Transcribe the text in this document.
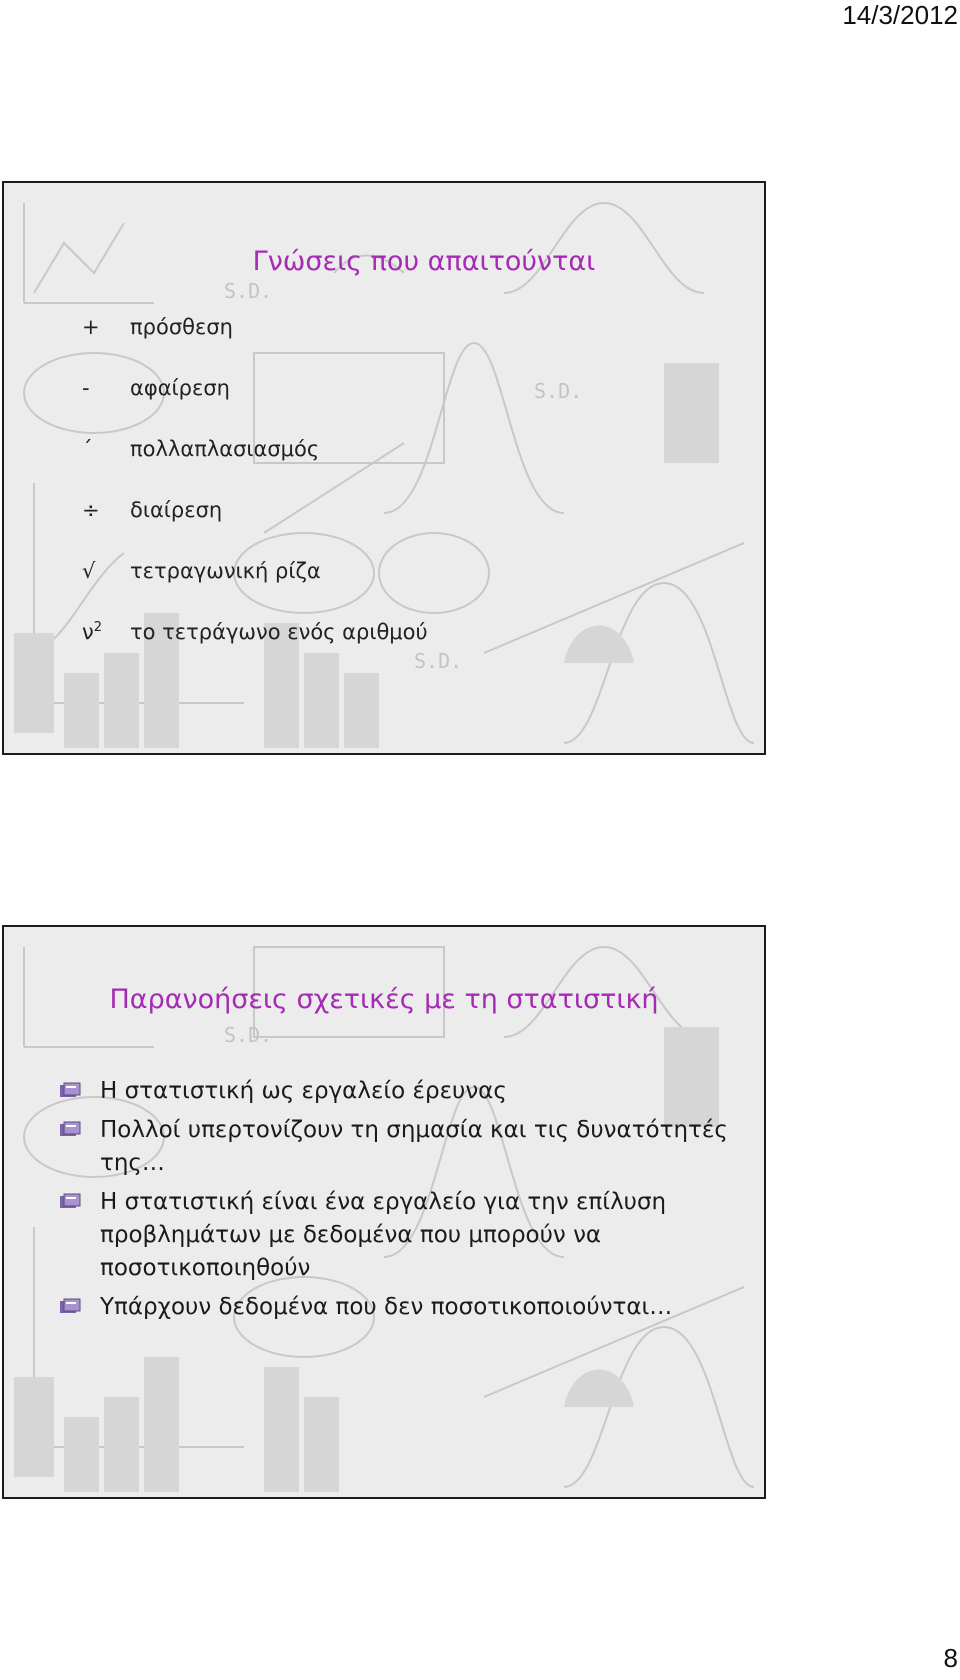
14/3/2012
S.D.
S.D.
S.D.
Γνώσεις που απαιτούνται
+	πρόσθεση
-	αφαίρεση
΄	πολλαπλασιασμός
÷	διαίρεση
√	τετραγωνική ρίζα
$\nu^2$	το τετράγωνο ενός αριθμού
S.D.
Παρανοήσεις σχετικές με τη στατιστική
Η στατιστική ως εργαλείο έρευνας
Πολλοί υπερτονίζουν τη σημασία και τις δυνατότητές της…
Η στατιστική είναι ένα εργαλείο για την επίλυση προβλημάτων με δεδομένα που μπορούν να ποσοτικοποιηθούν
Υπάρχουν δεδομένα που δεν ποσοτικοποιούνται…
8
